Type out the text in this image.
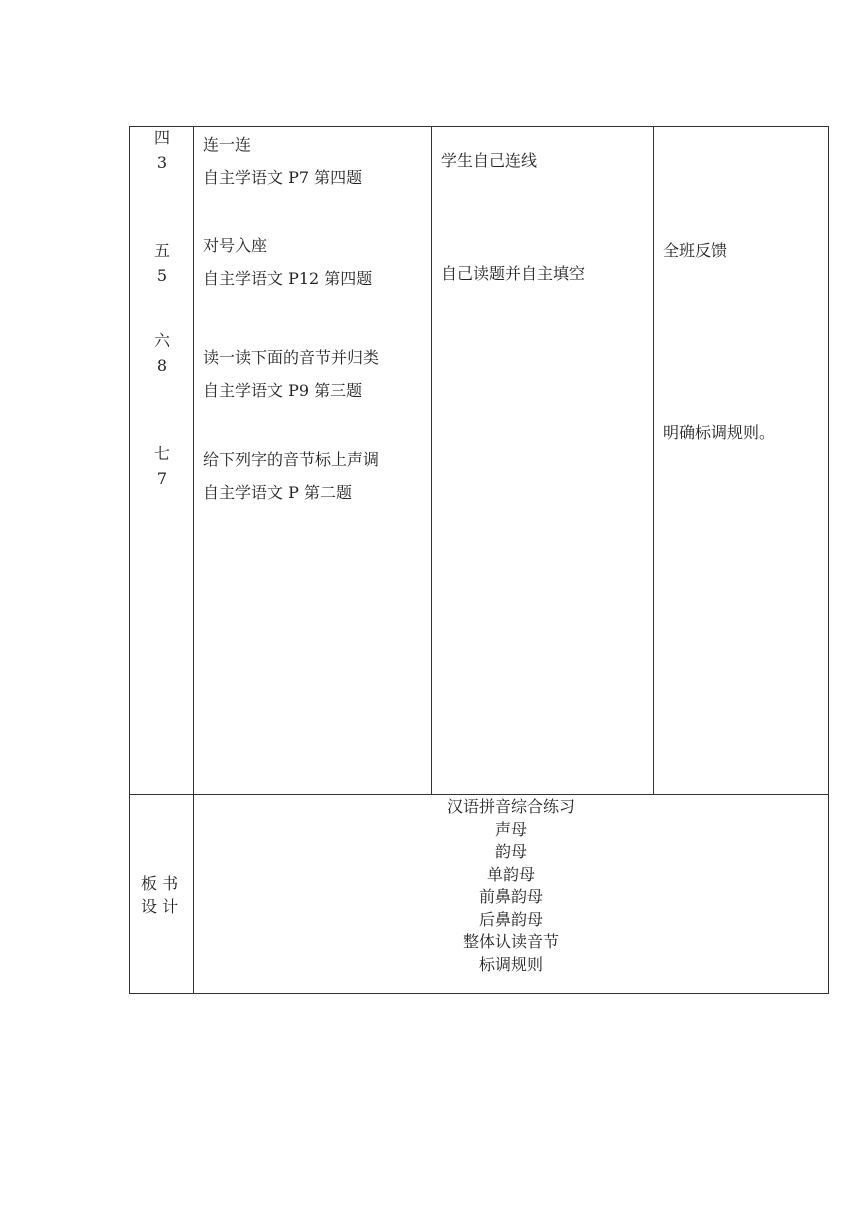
四
3
五
5
六
8
七
7
连一连
自主学语文 P7 第四题
对号入座
自主学语文 P12 第四题
读一读下面的音节并归类
自主学语文 P9 第三题
给下列字的音节标上声调
自主学语文 P 第二题
学生自己连线
自己读题并自主填空
全班反馈
明确标调规则。
板 书
设 计
汉语拼音综合练习
声母
韵母
单韵母
前鼻韵母
后鼻韵母
整体认读音节
标调规则
